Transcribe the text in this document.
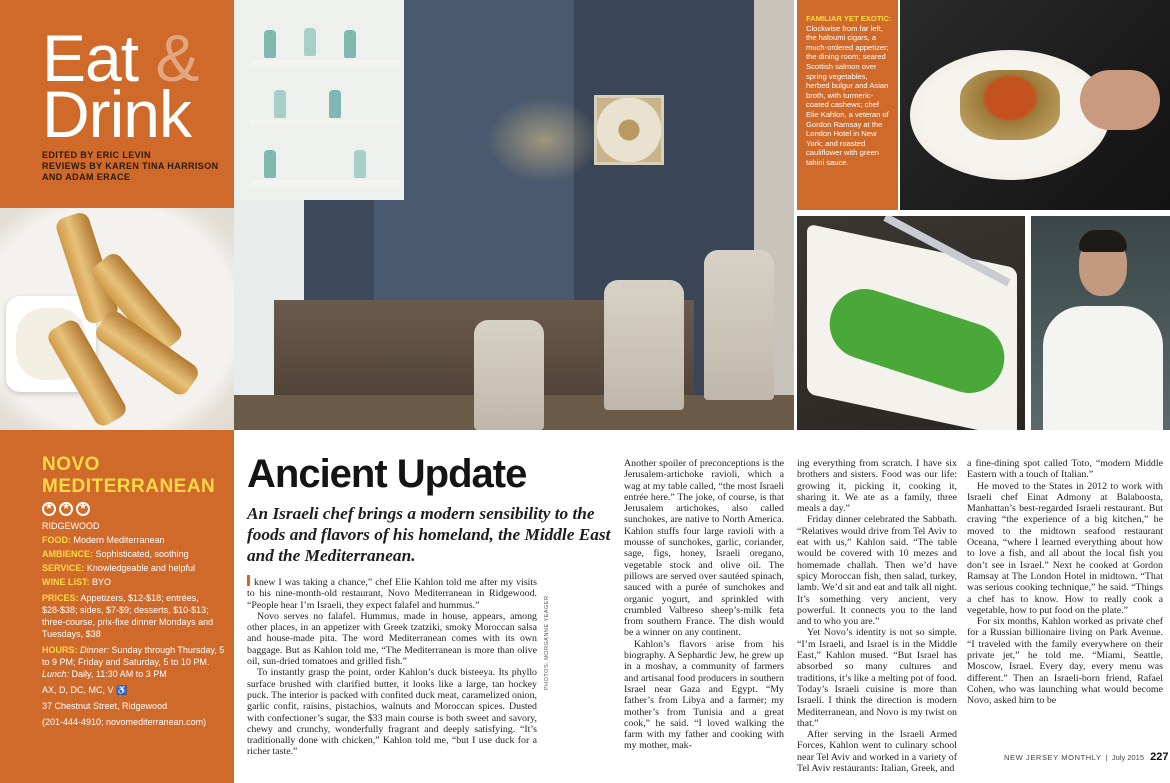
Eat &
Drink
EDITED BY ERIC LEVIN
REVIEWS BY KAREN TINA HARRISON
AND ADAM ERACE
NOVO
MEDITERRANEAN
★
★
★
RIDGEWOOD
FOOD: Modern Mediterranean
AMBIENCE: Sophisticated, soothing
SERVICE: Knowledgeable and helpful
WINE LIST: BYO
PRICES: Appetizers, $12-$18; entrées, $28-$38; sides, $7-$9; desserts, $10-$13; three-course, prix-fixe dinner Mondays and Tuesdays, $38
HOURS: Dinner: Sunday through Thursday, 5 to 9 PM; Friday and Saturday, 5 to 10 PM. Lunch: Daily, 11:30 AM to 3 PM
AX, D, DC, MC, V ♿
37 Chestnut Street, Ridgewood
(201-444-4910; novomediterranean.com)
FAMILIAR YET EXOTIC: Clockwise from far left, the haloumi cigars, a much-ordered appetizer; the dining room; seared Scottish salmon over spring vegetables, herbed bulgur and Asian broth, with turmeric-coated cashews; chef Elie Kahlon, a veteran of Gordon Ramsay at the London Hotel in New York; and roasted cauliflower with green tahini sauce.
Ancient Update
An Israeli chef brings a modern sensibility to the foods and flavors of his homeland, the Middle East and the Mediterranean.

knew I was taking a chance,” chef Elie Kahlon told me after my visits to his nine-month-old restaurant, Novo Mediterranean in Ridgewood. “People hear I’m Israeli, they expect falafel and hummus.”

Novo serves no falafel. Hummus, made in house, appears, among other places, in an appetizer with Greek tzatziki, smoky Moroccan salsa and house-made pita. The word Mediterranean comes with its own baggage. But as Kahlon told me, “The Mediterranean is more than olive oil, sun-dried tomatoes and grilled fish.”

To instantly grasp the point, order Kahlon’s duck bisteeya. Its phyllo surface brushed with clarified butter, it looks like a large, tan hockey puck. The interior is packed with confited duck meat, caramelized onion, garlic confit, raisins, pistachios, walnuts and Moroccan spices. Dusted with confectioner’s sugar, the $33 main course is both sweet and savory, chewy and crunchy, wonderfully fragrant and deeply satisfying. “It’s traditionally done with chicken,” Kahlon told me, “but I use duck for a richer taste.”

Another spoiler of preconceptions is the Jerusalem-artichoke ravioli, which a wag at my table called, “the most Israeli entrée here.” The joke, of course, is that Jerusalem artichokes, also called sunchokes, are native to North America. Kahlon stuffs four large ravioli with a mousse of sunchokes, garlic, coriander, sage, figs, honey, Israeli oregano, vegetable stock and olive oil. The pillows are served over sautéed spinach, sauced with a purée of sunchokes and organic yogurt, and sprinkled with crumbled Valbreso sheep’s-milk feta from southern France. The dish would be a winner on any continent.

Kahlon’s flavors arise from his biography. A Sephardic Jew, he grew up in a moshav, a community of farmers and artisanal food producers in southern Israel near Gaza and Egypt. “My father’s from Libya and a farmer; my mother’s from Tunisia and a great cook,” he said. “I loved walking the farm with my father and cooking with my mother, mak-

ing everything from scratch. I have six brothers and sisters. Food was our life: growing it, picking it, cooking it, sharing it. We ate as a family, three meals a day.”

Friday dinner celebrated the Sabbath. “Relatives would drive from Tel Aviv to eat with us,” Kahlon said. “The table would be covered with 10 mezes and homemade challah. Then we’d have spicy Moroccan fish, then salad, turkey, lamb. We’d sit and eat and talk all night. It’s something very ancient, very powerful. It connects you to the land and to who you are.”

Yet Novo’s identity is not so simple. “I’m Israeli, and Israel is in the Middle East,” Kahlon mused. “But Israel has absorbed so many cultures and traditions, it’s like a melting pot of food. Today’s Israeli cuisine is more than Israeli. I think the direction is modern Mediterranean, and Novo is my twist on that.”

After serving in the Israeli Armed Forces, Kahlon went to culinary school near Tel Aviv and worked in a variety of Tel Aviv restaurants: Italian, Greek, and

a fine-dining spot called Toto, “modern Middle Eastern with a touch of Italian.”

He moved to the States in 2012 to work with Israeli chef Einat Admony at Balaboosta, Manhattan’s best-regarded Israeli restaurant. But craving “the experience of a big kitchen,” he moved to the midtown seafood restaurant Oceana, “where I learned everything about how to love a fish, and all about the local fish you don’t see in Israel.” Next he cooked at Gordon Ramsay at The London Hotel in midtown. “That was serious cooking technique,” he said. “Things a chef has to know. How to really cook a vegetable, how to put food on the plate.”

For six months, Kahlon worked as private chef for a Russian billionaire living on Park Avenue. “I traveled with the family everywhere on their private jet,” he told me. “Miami, Seattle, Moscow, Israel. Every day, every menu was different.” Then an Israeli-born friend, Rafael Cohen, who was launching what would become Novo, asked him to be

PHOTOS: MORGANNE YEAGER
NEW JERSEY MONTHLY  |  July 2015 227
